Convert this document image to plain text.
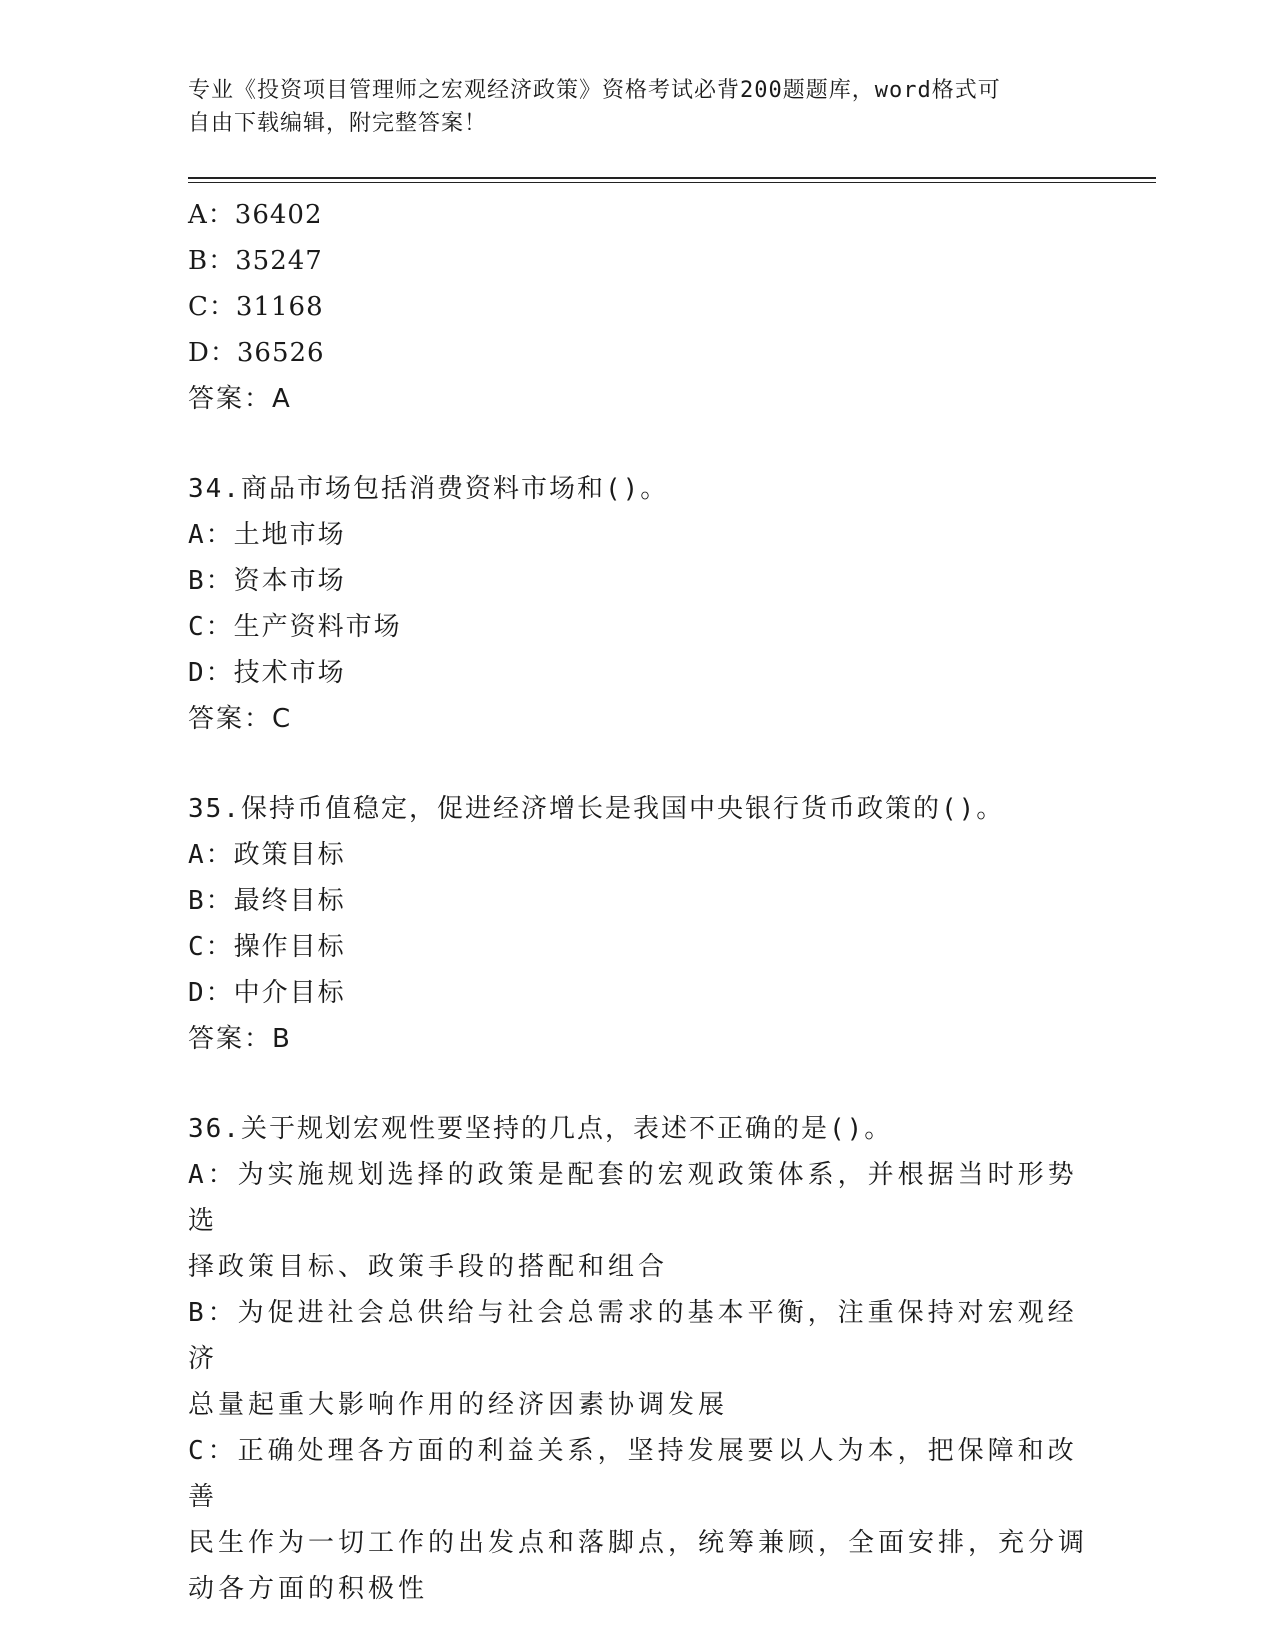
专业《投资项目管理师之宏观经济政策》资格考试必背200题题库，word格式可
自由下载编辑，附完整答案！
A：36402
B：35247
C：31168
D：36526
答案：A
34.商品市场包括消费资料市场和()。
A：土地市场
B：资本市场
C：生产资料市场
D：技术市场
答案：C
35.保持币值稳定，促进经济增长是我国中央银行货币政策的()。
A：政策目标
B：最终目标
C：操作目标
D：中介目标
答案：B
36.关于规划宏观性要坚持的几点，表述不正确的是()。
A：为实施规划选择的政策是配套的宏观政策体系，并根据当时形势选
择政策目标、政策手段的搭配和组合
B：为促进社会总供给与社会总需求的基本平衡，注重保持对宏观经济
总量起重大影响作用的经济因素协调发展
C：正确处理各方面的利益关系，坚持发展要以人为本，把保障和改善
民生作为一切工作的出发点和落脚点，统筹兼顾，全面安排，充分调
动各方面的积极性
